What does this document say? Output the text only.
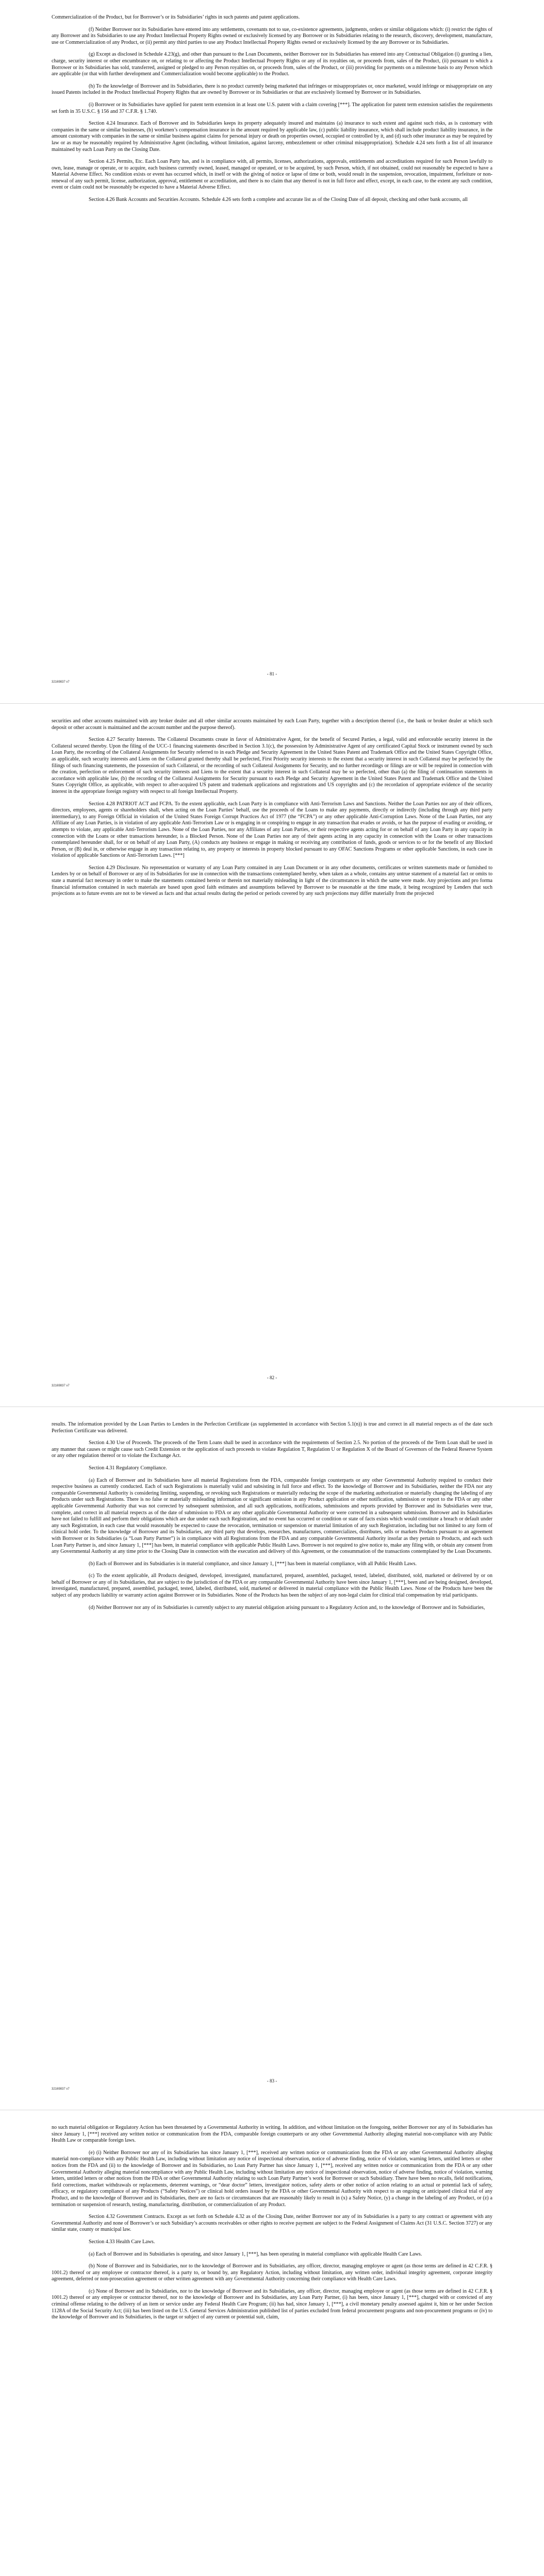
Commercialization of the Product, but for Borrower’s or its Subsidiaries’ rights in such patents and patent applications.

(f) Neither Borrower nor its Subsidiaries have entered into any settlements, covenants not to sue, co-existence agreements, judgments, orders or similar obligations which: (i) restrict the rights of any Borrower and its Subsidiaries to use any Product Intellectual Property Rights owned or exclusively licensed by any Borrower or its Subsidiaries relating to the research, discovery, development, manufacture, use or Commercialization of any Product, or (ii) permit any third parties to use any Product Intellectual Property Rights owned or exclusively licensed by the any Borrower or its Subsidiaries.

(g) Except as disclosed in Schedule 4.23(g), and other than pursuant to the Loan Documents, neither Borrower nor its Subsidiaries has entered into any Contractual Obligation (i) granting a lien, charge, security interest or other encumbrance on, or relating to or affecting the Product Intellectual Property Rights or any of its royalties on, or proceeds from, sales of the Product, (ii) pursuant to which a Borrower or its Subsidiaries has sold, transferred, assigned or pledged to any Person royalties on, or proceeds from, sales of the Product, or (iii) providing for payments on a milestone basis to any Person which are applicable (or that with further development and Commercialization would become applicable) to the Product.

(h) To the knowledge of Borrower and its Subsidiaries, there is no product currently being marketed that infringes or misappropriates or, once marketed, would infringe or misappropriate on any issued Patents included in the Product Intellectual Property Rights that are owned by Borrower or its Subsidiaries or that are exclusively licensed by Borrower or its Subsidiaries.

(i) Borrower or its Subsidiaries have applied for patent term extension in at least one U.S. patent with a claim covering [***]. The application for patent term extension satisfies the requirements set forth in 35 U.S.C. § 156 and 37 C.F.R. § 1.740.

Section 4.24 Insurance. Each of Borrower and its Subsidiaries keeps its property adequately insured and maintains (a) insurance to such extent and against such risks, as is customary with companies in the same or similar businesses, (b) workmen’s compensation insurance in the amount required by applicable law, (c) public liability insurance, which shall include product liability insurance, in the amount customary with companies in the same or similar business against claims for personal injury or death on properties owned, occupied or controlled by it, and (d) such other insurance as may be required by law or as may be reasonably required by Administrative Agent (including, without limitation, against larceny, embezzlement or other criminal misappropriation). Schedule 4.24 sets forth a list of all insurance maintained by each Loan Party on the Closing Date.

Section 4.25 Permits, Etc. Each Loan Party has, and is in compliance with, all permits, licenses, authorizations, approvals, entitlements and accreditations required for such Person lawfully to own, lease, manage or operate, or to acquire, each business currently owned, leased, managed or operated, or to be acquired, by such Person, which, if not obtained, could not reasonably be expected to have a Material Adverse Effect. No condition exists or event has occurred which, in itself or with the giving of notice or lapse of time or both, would result in the suspension, revocation, impairment, forfeiture or non-renewal of any such permit, license, authorization, approval, entitlement or accreditation, and there is no claim that any thereof is not in full force and effect, except, in each case, to the extent any such condition, event or claim could not be reasonably be expected to have a Material Adverse Effect.

Section 4.26 Bank Accounts and Securities Accounts. Schedule 4.26 sets forth a complete and accurate list as of the Closing Date of all deposit, checking and other bank accounts, all

- 81 -
32169837 v7

securities and other accounts maintained with any broker dealer and all other similar accounts maintained by each Loan Party, together with a description thereof (i.e., the bank or broker dealer at which such deposit or other account is maintained and the account number and the purpose thereof).

Section 4.27 Security Interests. The Collateral Documents create in favor of Administrative Agent, for the benefit of Secured Parties, a legal, valid and enforceable security interest in the Collateral secured thereby. Upon the filing of the UCC-1 financing statements described in Section 3.1(c), the possession by Administrative Agent of any certificated Capital Stock or instrument owned by such Loan Party, the recording of the Collateral Assignments for Security referred to in each Pledge and Security Agreement in the United States Patent and Trademark Office and the United States Copyright Office, as applicable, such security interests and Liens on the Collateral granted thereby shall be perfected, First Priority security interests to the extent that a security interest in such Collateral may be perfected by the filings of such financing statements, the possession of such Collateral, or the recording of such Collateral Assignments for Security, and no further recordings or filings are or will be required in connection with the creation, perfection or enforcement of such security interests and Liens to the extent that a security interest in such Collateral may be so perfected, other than (a) the filing of continuation statements in accordance with applicable law, (b) the recording of the Collateral Assignments for Security pursuant to each Pledge and Security Agreement in the United States Patent and Trademark Office and the United States Copyright Office, as applicable, with respect to after-acquired US patent and trademark applications and registrations and US copyrights and (c) the recordation of appropriate evidence of the security interest in the appropriate foreign registry with respect to all foreign Intellectual Property.

Section 4.28 PATRIOT ACT and FCPA. To the extent applicable, each Loan Party is in compliance with Anti-Terrorism Laws and Sanctions. Neither the Loan Parties nor any of their officers, directors, employees, agents or shareholders shall, when acting on the Loan Parties’ behalf, use the proceeds of the Loans to make any payments, directly or indirectly (including through any third party intermediary), to any Foreign Official in violation of the United States Foreign Corrupt Practices Act of 1977 (the “FCPA”) or any other applicable Anti-Corruption Laws. None of the Loan Parties, nor any Affiliate of any Loan Parties, is in violation of any applicable Anti-Terrorism Law or is engaging in or conspiring to engage in any transaction that evades or avoids, or has the purpose of evading or avoiding, or attempts to violate, any applicable Anti-Terrorism Laws. None of the Loan Parties, nor any Affiliates of any Loan Parties, or their respective agents acting for or on behalf of any Loan Party in any capacity in connection with the Loans or other transactions hereunder, is a Blocked Person. None of the Loan Parties nor any of their agents acting in any capacity in connection with the Loans or other transactions contemplated hereunder shall, for or on behalf of any Loan Party, (A) conducts any business or engage in making or receiving any contribution of funds, goods or services to or for the benefit of any Blocked Person, or (B) deal in, or otherwise engage in any transaction relating to, any property or interests in property blocked pursuant to any OFAC Sanctions Programs or other applicable Sanctions, in each case in violation of applicable Sanctions or Anti-Terrorism Laws. [***]

Section 4.29 Disclosure. No representation or warranty of any Loan Party contained in any Loan Document or in any other documents, certificates or written statements made or furnished to Lenders by or on behalf of Borrower or any of its Subsidiaries for use in connection with the transactions contemplated hereby, when taken as a whole, contains any untrue statement of a material fact or omits to state a material fact necessary in order to make the statements contained herein or therein not materially misleading in light of the circumstances in which the same were made. Any projections and pro forma financial information contained in such materials are based upon good faith estimates and assumptions believed by Borrower to be reasonable at the time made, it being recognized by Lenders that such projections as to future events are not to be viewed as facts and that actual results during the period or periods covered by any such projections may differ materially from the projected

- 82 -
32169837 v7

results. The information provided by the Loan Parties to Lenders in the Perfection Certificate (as supplemented in accordance with Section 5.1(n)) is true and correct in all material respects as of the date such Perfection Certificate was delivered.

Section 4.30 Use of Proceeds. The proceeds of the Term Loans shall be used in accordance with the requirements of Section 2.5. No portion of the proceeds of the Term Loan shall be used in any manner that causes or might cause such Credit Extension or the application of such proceeds to violate Regulation T, Regulation U or Regulation X of the Board of Governors of the Federal Reserve System or any other regulation thereof or to violate the Exchange Act.

Section 4.31 Regulatory Compliance.

(a) Each of Borrower and its Subsidiaries have all material Registrations from the FDA, comparable foreign counterparts or any other Governmental Authority required to conduct their respective business as currently conducted. Each of such Registrations is materially valid and subsisting in full force and effect. To the knowledge of Borrower and its Subsidiaries, neither the FDA nor any comparable Governmental Authority is considering limiting, suspending, or revoking such Registrations or materially reducing the scope of the marketing authorization or materially changing the labeling of any Products under such Registrations. There is no false or materially misleading information or significant omission in any Product application or other notification, submission or report to the FDA or any other applicable Governmental Authority that was not corrected by subsequent submission, and all such applications, notifications, submissions and reports provided by Borrower and its Subsidiaries were true, complete, and correct in all material respects as of the date of submission to FDA or any other applicable Governmental Authority or were corrected in a subsequent submission. Borrower and its Subsidiaries have not failed to fulfill and perform their obligations which are due under each such Registration, and no event has occurred or condition or state of facts exists which would constitute a breach or default under any such Registration, in each case that would reasonably be expected to cause the revocation, termination or suspension or material limitation of any such Registration, including but not limited to any form of clinical hold order. To the knowledge of Borrower and its Subsidiaries, any third party that develops, researches, manufactures, commercializes, distributes, sells or markets Products pursuant to an agreement with Borrower or its Subsidiaries (a “Loan Party Partner”) is in compliance with all Registrations from the FDA and any comparable Governmental Authority insofar as they pertain to Products, and each such Loan Party Partner is, and since January 1, [***] has been, in material compliance with applicable Public Health Laws. Borrower is not required to give notice to, make any filing with, or obtain any consent from any Governmental Authority at any time prior to the Closing Date in connection with the execution and delivery of this Agreement, or the consummation of the transactions contemplated by the Loan Documents.

(b) Each of Borrower and its Subsidiaries is in material compliance, and since January 1, [***] has been in material compliance, with all Public Health Laws.

(c) To the extent applicable, all Products designed, developed, investigated, manufactured, prepared, assembled, packaged, tested, labeled, distributed, sold, marketed or delivered by or on behalf of Borrower or any of its Subsidiaries, that are subject to the jurisdiction of the FDA or any comparable Governmental Authority have been since January 1, [***], been and are being designed, developed, investigated, manufactured, prepared, assembled, packaged, tested, labeled, distributed, sold, marketed or delivered in material compliance with the Public Health Laws. None of the Products have been the subject of any products liability or warranty action against Borrower or its Subsidiaries. None of the Products has been the subject of any non-legal claim for clinical trial compensation by trial participants.

(d) Neither Borrower nor any of its Subsidiaries is currently subject to any material obligation arising pursuant to a Regulatory Action and, to the knowledge of Borrower and its Subsidiaries,

- 83 -
32169837 v7

no such material obligation or Regulatory Action has been threatened by a Governmental Authority in writing. In addition, and without limitation on the foregoing, neither Borrower nor any of its Subsidiaries has since January 1, [***] received any written notice or communication from the FDA, comparable foreign counterparts or any other Governmental Authority alleging material non-compliance with any Public Health Law or comparable foreign laws.

(e) (i) Neither Borrower nor any of its Subsidiaries has since January 1, [***], received any written notice or communication from the FDA or any other Governmental Authority alleging material non-compliance with any Public Health Law, including without limitation any notice of inspectional observation, notice of adverse finding, notice of violation, warning letters, untitled letters or other notices from the FDA and (ii) to the knowledge of Borrower and its Subsidiaries, no Loan Party Partner has since January 1, [***], received any written notice or communication from the FDA or any other Governmental Authority alleging material noncompliance with any Public Health Law, including without limitation any notice of inspectional observation, notice of adverse finding, notice of violation, warning letters, untitled letters or other notices from the FDA or other Governmental Authority relating to such Loan Party Partner’s work for Borrower or such Subsidiary. There have been no recalls, field notifications, field corrections, market withdrawals or replacements, deterrent warnings, or “dear doctor” letters, investigator notices, safety alerts or other notice of action relating to an actual or potential lack of safety, efficacy, or regulatory compliance of any Products (“Safety Notices”) or clinical hold orders issued by the FDA or other Governmental Authority with respect to an ongoing or anticipated clinical trial of any Product, and to the knowledge of Borrower and its Subsidiaries, there are no facts or circumstances that are reasonably likely to result in (x) a Safety Notice, (y) a change in the labeling of any Product, or (z) a termination or suspension of research, testing, manufacturing, distribution, or commercialization of any Product.

Section 4.32 Government Contracts. Except as set forth on Schedule 4.32 as of the Closing Date, neither Borrower nor any of its Subsidiaries is a party to any contract or agreement with any Governmental Authority and none of Borrower’s or such Subsidiary’s accounts receivables or other rights to receive payment are subject to the Federal Assignment of Claims Act (31 U.S.C. Section 3727) or any similar state, county or municipal law.

Section 4.33 Health Care Laws.

(a) Each of Borrower and its Subsidiaries is operating, and since January 1, [***], has been operating in material compliance with applicable Health Care Laws.

(b) None of Borrower and its Subsidiaries, nor to the knowledge of Borrower and its Subsidiaries, any officer, director, managing employee or agent (as those terms are defined in 42 C.F.R. § 1001.2) thereof or any employee or contractor thereof, is a party to, or bound by, any Regulatory Action, including without limitation, any written order, individual integrity agreement, corporate integrity agreement, deferred or non-prosecution agreement or other written agreement with any Governmental Authority concerning their compliance with Health Care Laws.

(c) None of Borrower and its Subsidiaries, nor to the knowledge of Borrower and its Subsidiaries, any officer, director, managing employee or agent (as those terms are defined in 42 C.F.R. § 1001.2) thereof or any employee or contractor thereof, nor to the knowledge of Borrower and its Subsidiaries, any Loan Party Partner, (i) has been, since January 1, [***], charged with or convicted of any criminal offense relating to the delivery of an item or service under any Federal Health Care Program; (ii) has had, since January 1, [***], a civil monetary penalty assessed against it, him or her under Section 1128A of the Social Security Act; (iii) has been listed on the U.S. General Services Administration published list of parties excluded from federal procurement programs and non-procurement programs or (iv) to the knowledge of Borrower and its Subsidiaries, is the target or subject of any current or potential suit, claim,
